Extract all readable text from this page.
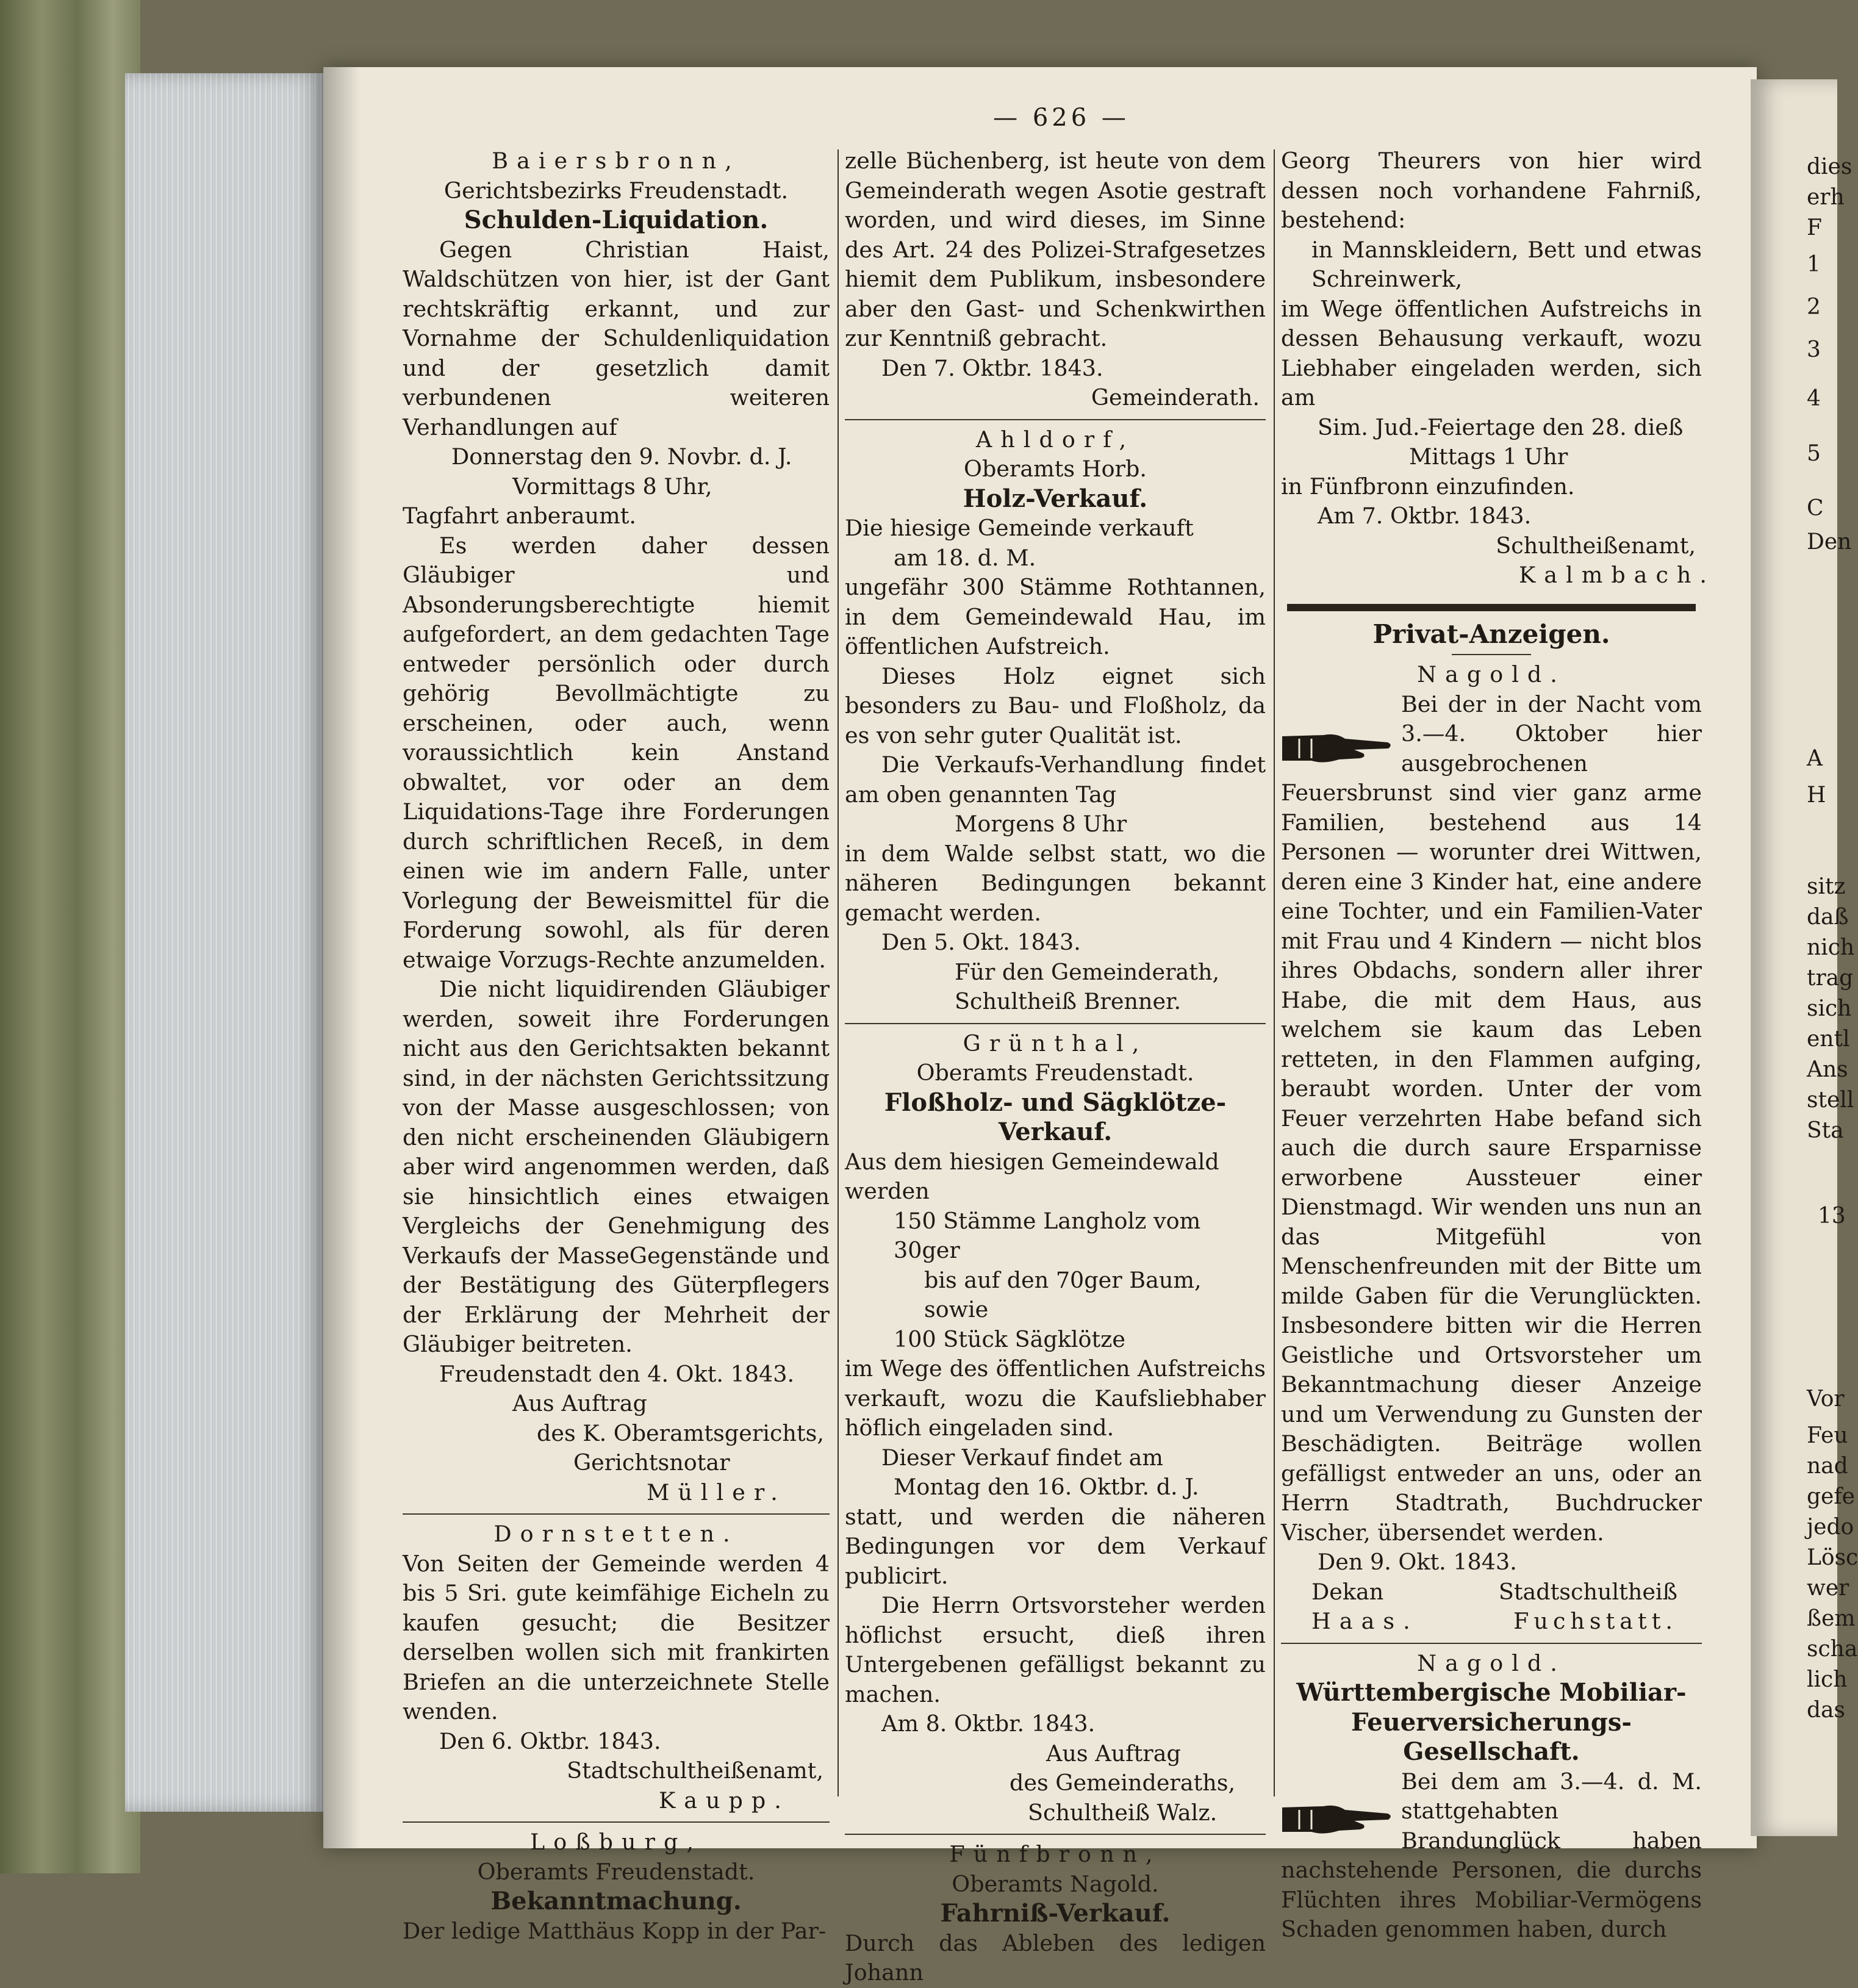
dies
erh
F
1
2
3
4
5
C
Den
A
H
sitz
daß
nich
trag
sich
entl
Ans
stell
Sta
13
Vor
Feu
nad
gefe
jedo
Lösc
wer
ßem
scha
lich
das
— 626 —
Baiersbronn,
Gerichtsbezirks Freudenstadt.
Schulden-Liquidation.
Gegen Christian Haist, Waldschützen von hier, ist der Gant rechtskräftig erkannt, und zur Vornahme der Schuldenliquidation und der gesetzlich damit verbundenen weiteren Verhandlungen auf
Donnerstag den 9. Novbr. d. J.
Vormittags 8 Uhr,
Tagfahrt anberaumt.
Es werden daher dessen Gläubiger und Absonderungsberechtigte hiemit aufgefordert, an dem gedachten Tage entweder persönlich oder durch gehörig Bevollmächtigte zu erscheinen, oder auch, wenn voraussichtlich kein Anstand obwaltet, vor oder an dem Liquidations-Tage ihre Forderungen durch schriftlichen Receß, in dem einen wie im andern Falle, unter Vorlegung der Beweismittel für die Forderung sowohl, als für deren etwaige Vorzugs-Rechte anzumelden.
Die nicht liquidirenden Gläubiger werden, soweit ihre Forderungen nicht aus den Gerichtsakten bekannt sind, in der nächsten Gerichtssitzung von der Masse ausgeschlossen; von den nicht erscheinenden Gläubigern aber wird angenommen werden, daß sie hinsichtlich eines etwaigen Vergleichs der Genehmigung des Verkaufs der MasseGegenstände und der Bestätigung des Güterpflegers der Erklärung der Mehrheit der Gläubiger beitreten.
Freudenstadt den 4. Okt. 1843.
Aus Auftrag
des K. Oberamtsgerichts,
Gerichtsnotar
Müller.
Dornstetten.
Von Seiten der Gemeinde werden 4 bis 5 Sri. gute keimfähige Eicheln zu kaufen gesucht; die Besitzer derselben wollen sich mit frankirten Briefen an die unterzeichnete Stelle wenden.
Den 6. Oktbr. 1843.
Stadtschultheißenamt,
Kaupp.
Loßburg,
Oberamts Freudenstadt.
Bekanntmachung.
Der ledige Matthäus Kopp in der Par-
zelle Büchenberg, ist heute von dem Gemeinderath wegen Asotie gestraft worden, und wird dieses, im Sinne des Art. 24 des Polizei-Strafgesetzes hiemit dem Publikum, insbesondere aber den Gast- und Schenkwirthen zur Kenntniß gebracht.
Den 7. Oktbr. 1843.
Gemeinderath.
Ahldorf,
Oberamts Horb.
Holz-Verkauf.
Die hiesige Gemeinde verkauft
am 18. d. M.
ungefähr 300 Stämme Rothtannen, in dem Gemeindewald Hau, im öffentlichen Aufstreich.
Dieses Holz eignet sich besonders zu Bau- und Floßholz, da es von sehr guter Qualität ist.
Die Verkaufs-Verhandlung findet am oben genannten Tag
Morgens 8 Uhr
in dem Walde selbst statt, wo die näheren Bedingungen bekannt gemacht werden.
Den 5. Okt. 1843.
Für den Gemeinderath,
Schultheiß Brenner.
Grünthal,
Oberamts Freudenstadt.
Floßholz- und Sägklötze-Verkauf.
Aus dem hiesigen Gemeindewald werden
150 Stämme Langholz vom 30ger
bis auf den 70ger Baum, sowie
100 Stück Sägklötze
im Wege des öffentlichen Aufstreichs verkauft, wozu die Kaufsliebhaber höflich eingeladen sind.
Dieser Verkauf findet am
Montag den 16. Oktbr. d. J.
statt, und werden die näheren Bedingungen vor dem Verkauf publicirt.
Die Herrn Ortsvorsteher werden höflichst ersucht, dieß ihren Untergebenen gefälligst bekannt zu machen.
Am 8. Oktbr. 1843.
Aus Auftrag
des Gemeinderaths,
Schultheiß Walz.
Fünfbronn,
Oberamts Nagold.
Fahrniß-Verkauf.
Durch das Ableben des ledigen Johann
Georg Theurers von hier wird dessen noch vorhandene Fahrniß, bestehend:
in Mannskleidern, Bett und etwas Schreinwerk,
im Wege öffentlichen Aufstreichs in dessen Behausung verkauft, wozu Liebhaber eingeladen werden, sich am
Sim. Jud.-Feiertage den 28. dieß
Mittags 1 Uhr
in Fünfbronn einzufinden.
Am 7. Oktbr. 1843.
Schultheißenamt,
Kalmbach.
Privat-Anzeigen.
Nagold.
Bei der in der Nacht vom 3.—4. Oktober hier ausgebrochenen Feuersbrunst sind vier ganz arme Familien, bestehend aus 14 Personen — worunter drei Wittwen, deren eine 3 Kinder hat, eine andere eine Tochter, und ein Familien-Vater mit Frau und 4 Kindern — nicht blos ihres Obdachs, sondern aller ihrer Habe, die mit dem Haus, aus welchem sie kaum das Leben retteten, in den Flammen aufging, beraubt worden. Unter der vom Feuer verzehrten Habe befand sich auch die durch saure Ersparnisse erworbene Aussteuer einer Dienstmagd. Wir wenden uns nun an das Mitgefühl von Menschenfreunden mit der Bitte um milde Gaben für die Verunglückten. Insbesondere bitten wir die Herren Geistliche und Ortsvorsteher um Bekanntmachung dieser Anzeige und um Verwendung zu Gunsten der Beschädigten. Beiträge wollen gefälligst entweder an uns, oder an Herrn Stadtrath, Buchdrucker Vischer, übersendet werden.
Den 9. Okt. 1843.
Dekan	Stadtschultheiß
Haas.	Fuchstatt.
Nagold.
Württembergische Mobiliar-Feuerversicherungs-Gesellschaft.
Bei dem am 3.—4. d. M. stattgehabten Brandunglück haben nachstehende Personen, die durchs Flüchten ihres Mobiliar-Vermögens Schaden genommen haben, durch
